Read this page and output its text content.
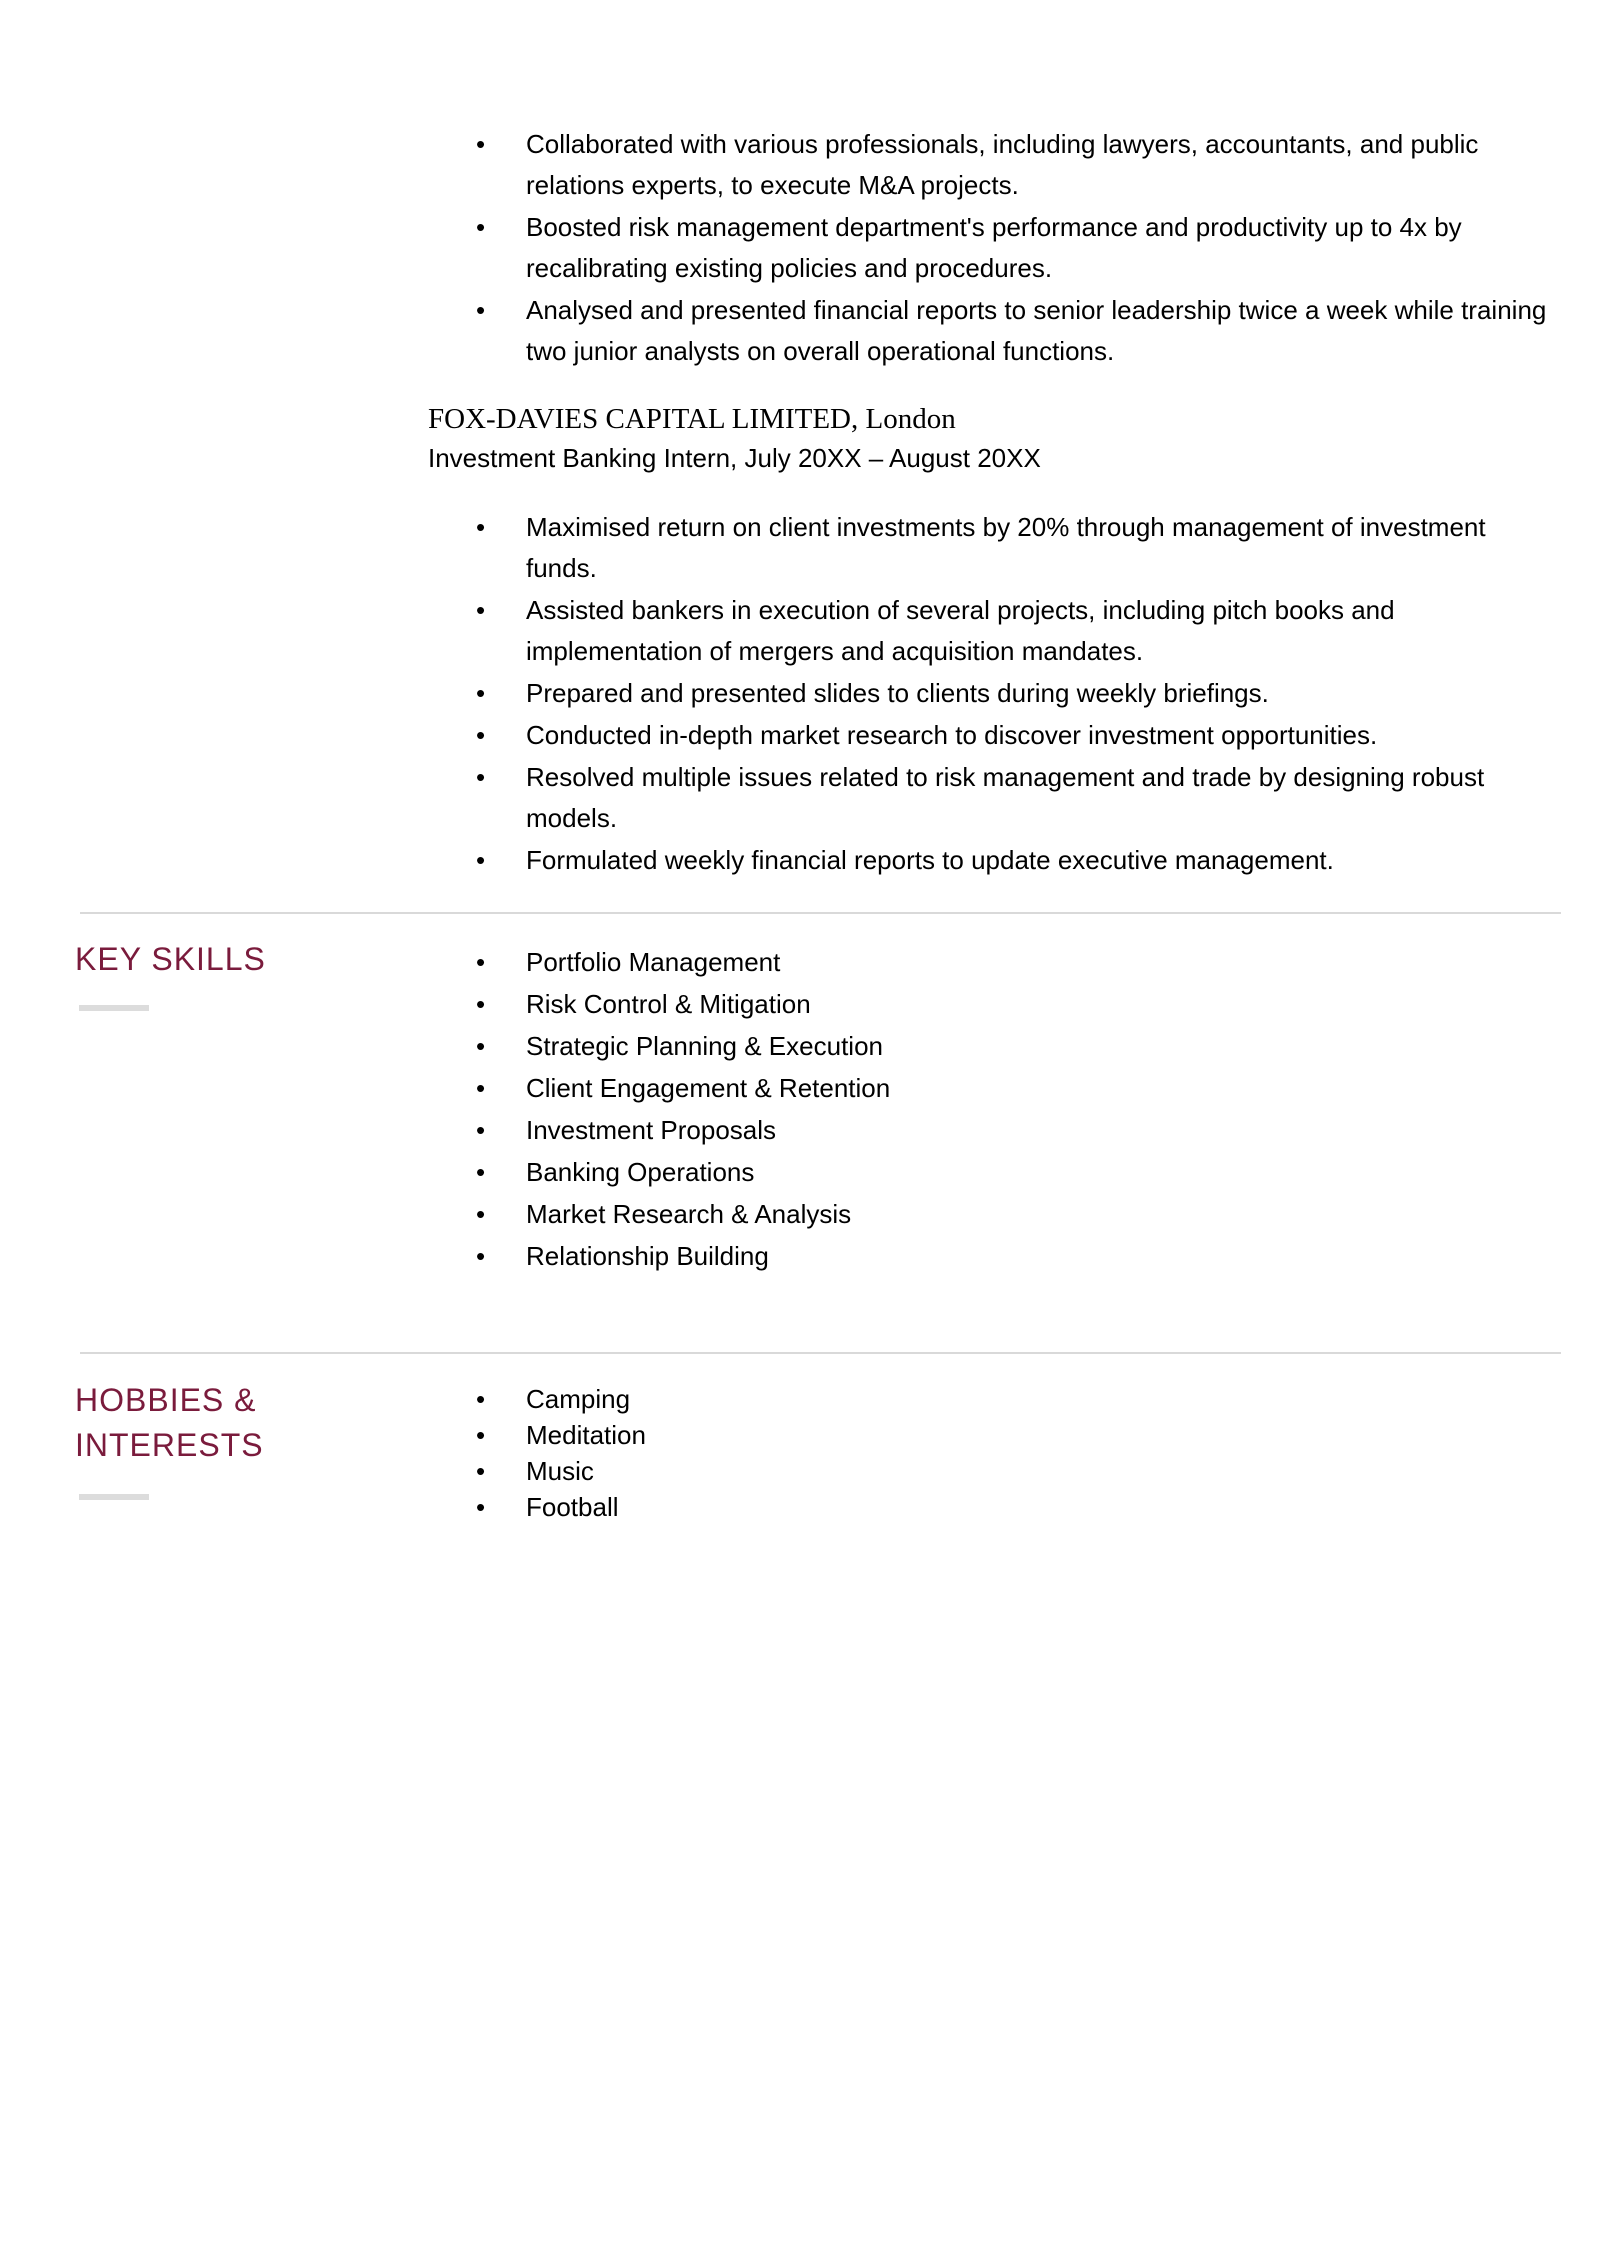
• Collaborated with various professionals, including lawyers, accountants, and public relations experts, to execute M&A projects.
• Boosted risk management department's performance and productivity up to 4x by recalibrating existing policies and procedures.
• Analysed and presented financial reports to senior leadership twice a week while training two junior analysts on overall operational functions.
FOX-DAVIES CAPITAL LIMITED, London
Investment Banking Intern, July 20XX – August 20XX
• Maximised return on client investments by 20% through management of investment funds.
• Assisted bankers in execution of several projects, including pitch books and implementation of mergers and acquisition mandates.
• Prepared and presented slides to clients during weekly briefings.
• Conducted in-depth market research to discover investment opportunities.
• Resolved multiple issues related to risk management and trade by designing robust models.
• Formulated weekly financial reports to update executive management.
KEY SKILLS	• Portfolio Management
• Risk Control & Mitigation
• Strategic Planning & Execution
• Client Engagement & Retention
• Investment Proposals
• Banking Operations
• Market Research & Analysis
• Relationship Building
HOBBIES &
INTERESTS
• Camping
• Meditation
• Music
• Football
